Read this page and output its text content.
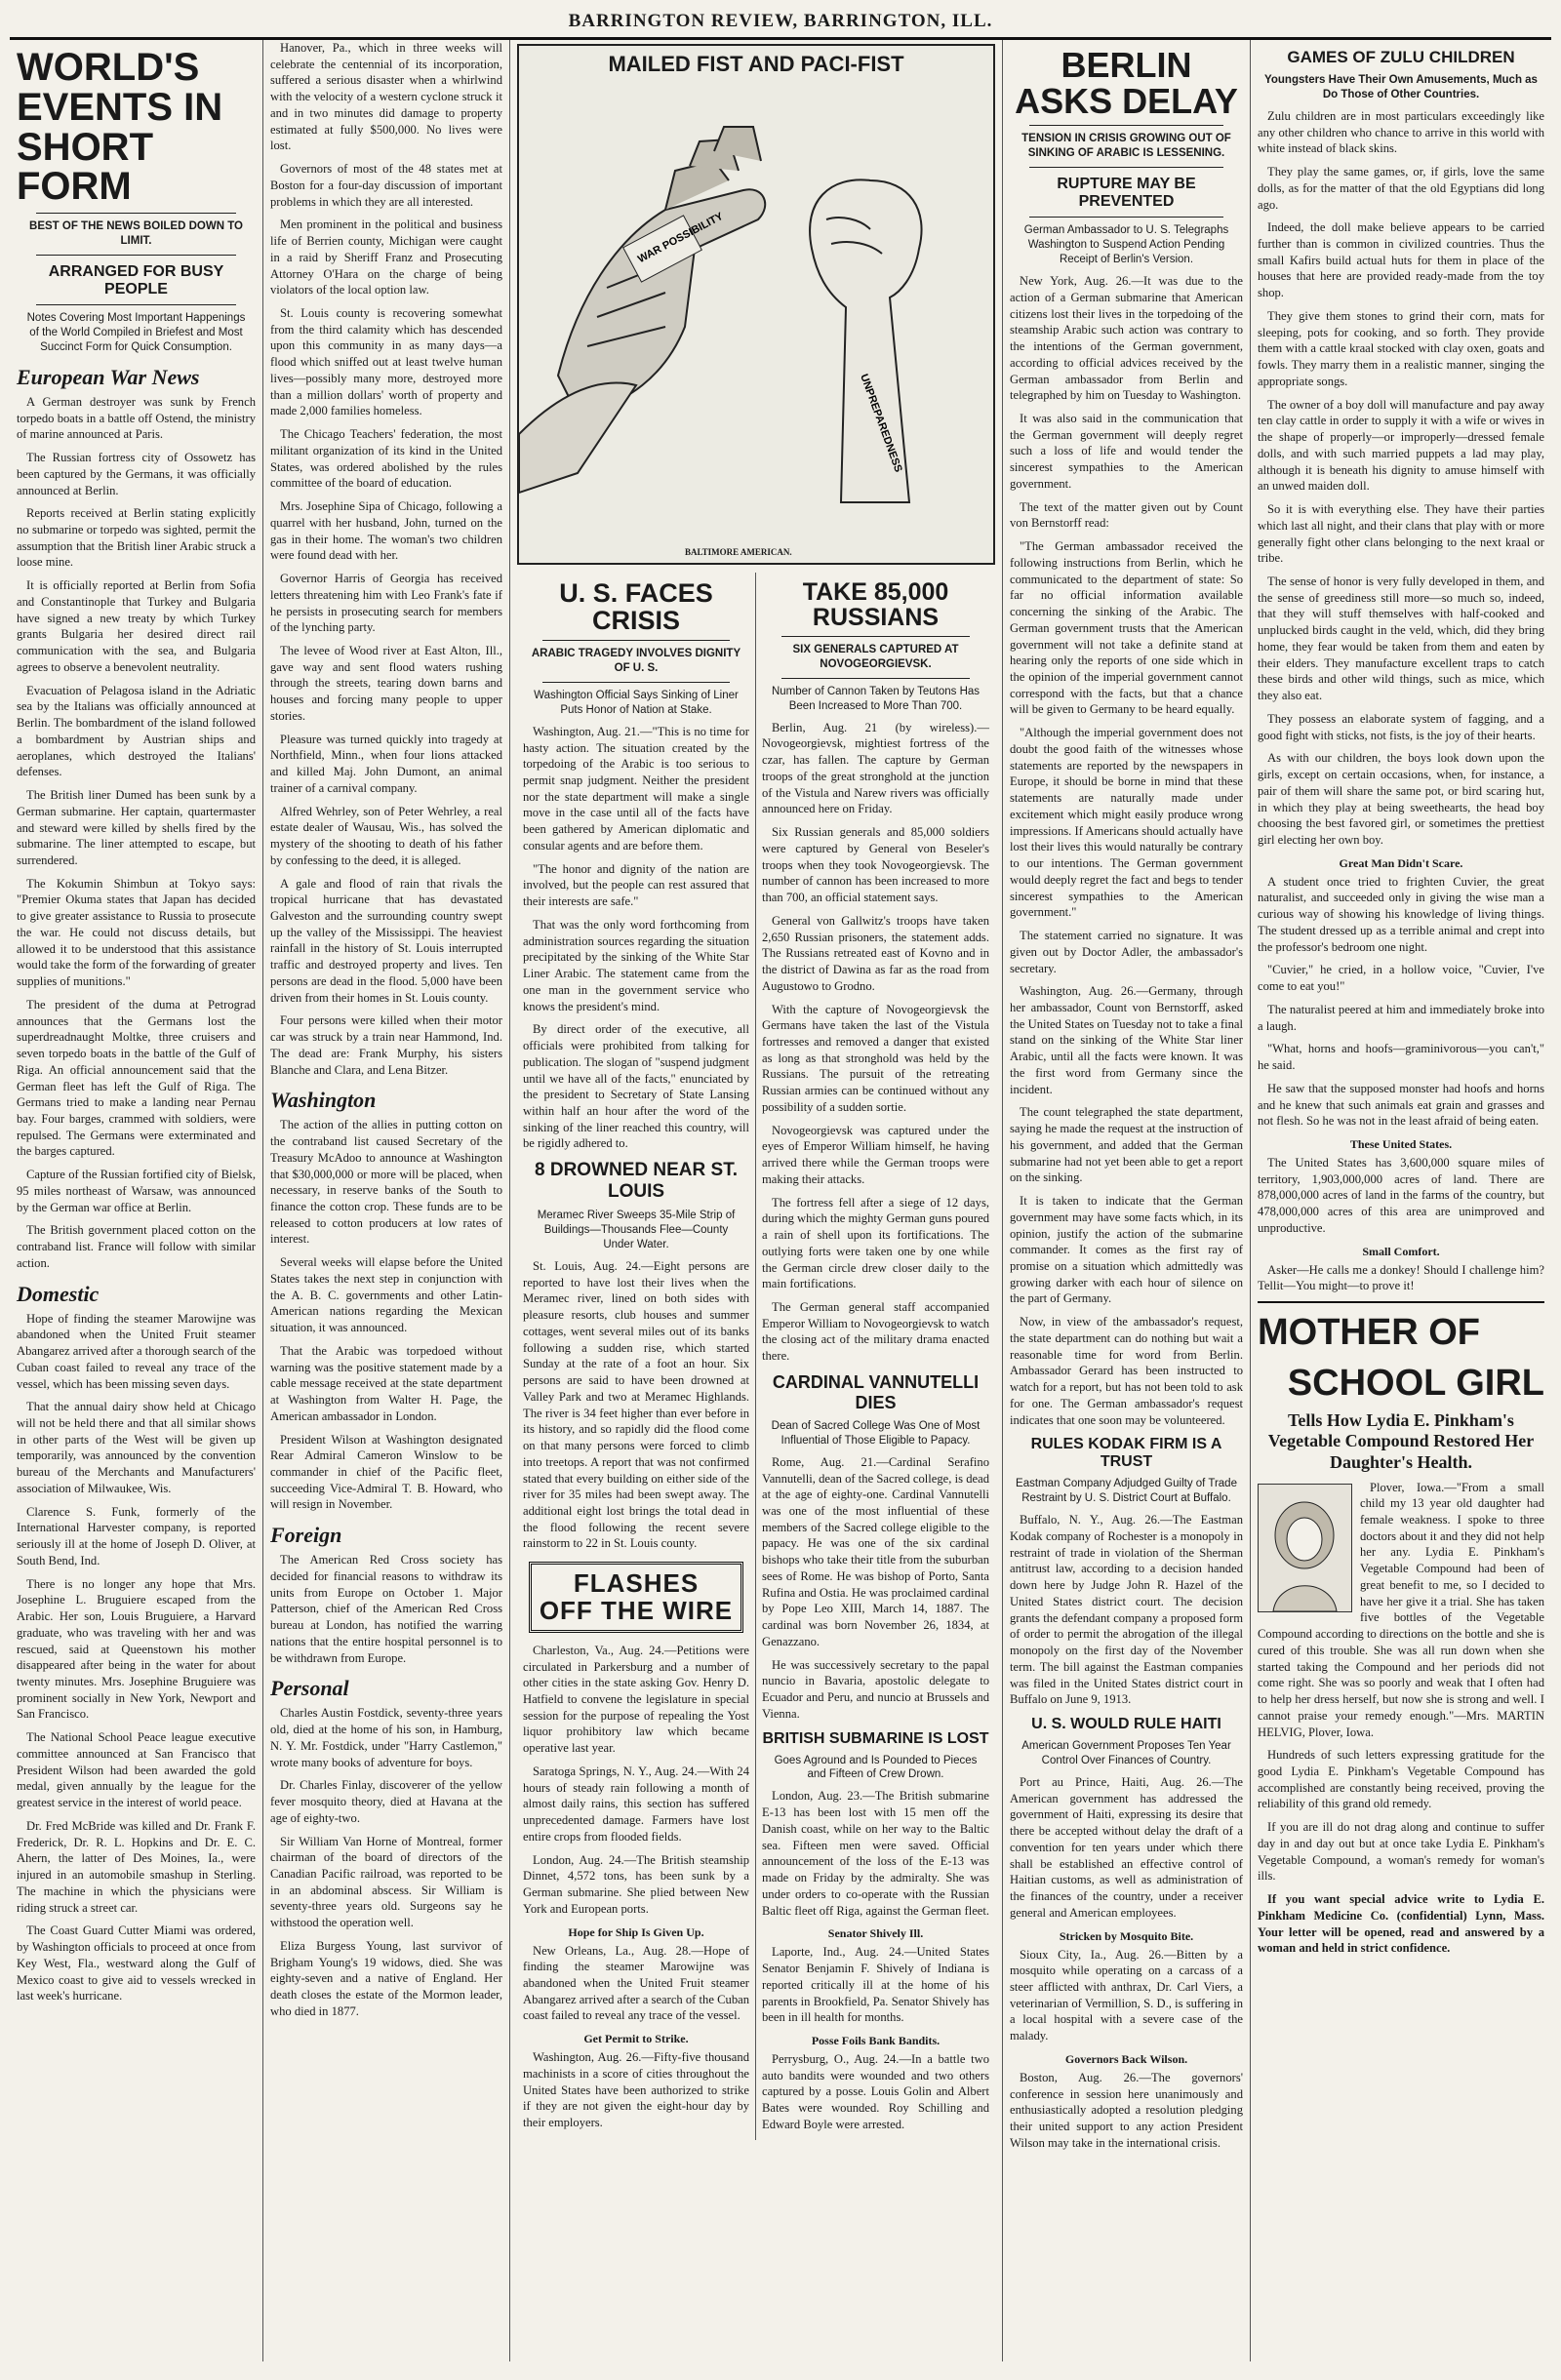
BARRINGTON REVIEW, BARRINGTON, ILL.
WORLD'S EVENTS IN SHORT FORM
BEST OF THE NEWS BOILED DOWN TO LIMIT.
ARRANGED FOR BUSY PEOPLE
Notes Covering Most Important Happenings of the World Compiled in Briefest and Most Succinct Form for Quick Consumption.
European War News

A German destroyer was sunk by French torpedo boats in a battle off Ostend, the ministry of marine announced at Paris.

The Russian fortress city of Ossowetz has been captured by the Germans, it was officially announced at Berlin.

Reports received at Berlin stating explicitly no submarine or torpedo was sighted, permit the assumption that the British liner Arabic struck a loose mine.

It is officially reported at Berlin from Sofia and Constantinople that Turkey and Bulgaria have signed a new treaty by which Turkey grants Bulgaria her desired direct rail communication with the sea, and Bulgaria agrees to observe a benevolent neutrality.

Evacuation of Pelagosa island in the Adriatic sea by the Italians was officially announced at Berlin. The bombardment of the island followed a bombardment by Austrian ships and aeroplanes, which destroyed the Italians' defenses.

The British liner Dumed has been sunk by a German submarine. Her captain, quartermaster and steward were killed by shells fired by the submarine. The liner attempted to escape, but surrendered.

The Kokumin Shimbun at Tokyo says: "Premier Okuma states that Japan has decided to give greater assistance to Russia to prosecute the war. He could not discuss details, but allowed it to be understood that this assistance would take the form of the forwarding of greater supplies of munitions."

The president of the duma at Petrograd announces that the Germans lost the superdreadnaught Moltke, three cruisers and seven torpedo boats in the battle of the Gulf of Riga. An official announcement said that the German fleet has left the Gulf of Riga. The Germans tried to make a landing near Pernau bay. Four barges, crammed with soldiers, were repulsed. The Germans were exterminated and the barges captured.

Capture of the Russian fortified city of Bielsk, 95 miles northeast of Warsaw, was announced by the German war office at Berlin.

The British government placed cotton on the contraband list. France will follow with similar action.

Domestic

Hope of finding the steamer Marowijne was abandoned when the United Fruit steamer Abangarez arrived after a thorough search of the Cuban coast failed to reveal any trace of the vessel, which has been missing seven days.

That the annual dairy show held at Chicago will not be held there and that all similar shows in other parts of the West will be given up temporarily, was announced by the convention bureau of the Merchants and Manufacturers' association of Milwaukee, Wis.

Clarence S. Funk, formerly of the International Harvester company, is reported seriously ill at the home of Joseph D. Oliver, at South Bend, Ind.

There is no longer any hope that Mrs. Josephine L. Bruguiere escaped from the Arabic. Her son, Louis Bruguiere, a Harvard graduate, who was traveling with her and was rescued, said at Queenstown his mother disappeared after being in the water for about twenty minutes. Mrs. Josephine Bruguiere was prominent socially in New York, Newport and San Francisco.

The National School Peace league executive committee announced at San Francisco that President Wilson had been awarded the gold medal, given annually by the league for the greatest service in the interest of world peace.

Dr. Fred McBride was killed and Dr. Frank F. Frederick, Dr. R. L. Hopkins and Dr. E. C. Ahern, the latter of Des Moines, Ia., were injured in an automobile smashup in Sterling. The machine in which the physicians were riding struck a street car.

The Coast Guard Cutter Miami was ordered, by Washington officials to proceed at once from Key West, Fla., westward along the Gulf of Mexico coast to give aid to vessels wrecked in last week's hurricane.

Hanover, Pa., which in three weeks will celebrate the centennial of its incorporation, suffered a serious disaster when a whirlwind with the velocity of a western cyclone struck it and in two minutes did damage to property estimated at fully $500,000. No lives were lost.

Governors of most of the 48 states met at Boston for a four-day discussion of important problems in which they are all interested.

Men prominent in the political and business life of Berrien county, Michigan were caught in a raid by Sheriff Franz and Prosecuting Attorney O'Hara on the charge of being violators of the local option law.

St. Louis county is recovering somewhat from the third calamity which has descended upon this community in as many days—a flood which sniffed out at least twelve human lives—possibly many more, destroyed more than a million dollars' worth of property and made 2,000 families homeless.

The Chicago Teachers' federation, the most militant organization of its kind in the United States, was ordered abolished by the rules committee of the board of education.

Mrs. Josephine Sipa of Chicago, following a quarrel with her husband, John, turned on the gas in their home. The woman's two children were found dead with her.

Governor Harris of Georgia has received letters threatening him with Leo Frank's fate if he persists in prosecuting search for members of the lynching party.

The levee of Wood river at East Alton, Ill., gave way and sent flood waters rushing through the streets, tearing down barns and houses and forcing many people to upper stories.

Pleasure was turned quickly into tragedy at Northfield, Minn., when four lions attacked and killed Maj. John Dumont, an animal trainer of a carnival company.

Alfred Wehrley, son of Peter Wehrley, a real estate dealer of Wausau, Wis., has solved the mystery of the shooting to death of his father by confessing to the deed, it is alleged.

A gale and flood of rain that rivals the tropical hurricane that has devastated Galveston and the surrounding country swept up the valley of the Mississippi. The heaviest rainfall in the history of St. Louis interrupted traffic and destroyed property and lives. Ten persons are dead in the flood. 5,000 have been driven from their homes in St. Louis county.

Four persons were killed when their motor car was struck by a train near Hammond, Ind. The dead are: Frank Murphy, his sisters Blanche and Clara, and Lena Bitzer.

Washington

The action of the allies in putting cotton on the contraband list caused Secretary of the Treasury McAdoo to announce at Washington that $30,000,000 or more will be placed, when necessary, in reserve banks of the South to finance the cotton crop. These funds are to be released to cotton producers at low rates of interest.

Several weeks will elapse before the United States takes the next step in conjunction with the A. B. C. governments and other Latin-American nations regarding the Mexican situation, it was announced.

That the Arabic was torpedoed without warning was the positive statement made by a cable message received at the state department at Washington from Walter H. Page, the American ambassador in London.

President Wilson at Washington designated Rear Admiral Cameron Winslow to be commander in chief of the Pacific fleet, succeeding Vice-Admiral T. B. Howard, who will resign in November.

Foreign

The American Red Cross society has decided for financial reasons to withdraw its units from Europe on October 1. Major Patterson, chief of the American Red Cross bureau at London, has notified the warring nations that the entire hospital personnel is to be withdrawn from Europe.

Personal

Charles Austin Fostdick, seventy-three years old, died at the home of his son, in Hamburg, N. Y. Mr. Fostdick, under "Harry Castlemon," wrote many books of adventure for boys.

Dr. Charles Finlay, discoverer of the yellow fever mosquito theory, died at Havana at the age of eighty-two.

Sir William Van Horne of Montreal, former chairman of the board of directors of the Canadian Pacific railroad, was reported to be in an abdominal abscess. Sir William is seventy-three years old. Surgeons say he withstood the operation well.

Eliza Burgess Young, last survivor of Brigham Young's 19 widows, died. She was eighty-seven and a native of England. Her death closes the estate of the Mormon leader, who died in 1877.

MAILED FIST AND PACI-FIST
WAR POSSIBILITY
UNPREPAREDNESS
BALTIMORE AMERICAN.
U. S. FACES CRISIS
ARABIC TRAGEDY INVOLVES DIGNITY OF U. S.
Washington Official Says Sinking of Liner Puts Honor of Nation at Stake.

Washington, Aug. 21.—"This is no time for hasty action. The situation created by the torpedoing of the Arabic is too serious to permit snap judgment. Neither the president nor the state department will make a single move in the case until all of the facts have been gathered by American diplomatic and consular agents and are before them.

"The honor and dignity of the nation are involved, but the people can rest assured that their interests are safe."

That was the only word forthcoming from administration sources regarding the situation precipitated by the sinking of the White Star Liner Arabic. The statement came from the one man in the government service who knows the president's mind.

By direct order of the executive, all officials were prohibited from talking for publication. The slogan of "suspend judgment until we have all of the facts," enunciated by the president to Secretary of State Lansing within half an hour after the word of the sinking of the liner reached this country, will be rigidly adhered to.

8 DROWNED NEAR ST. LOUIS
Meramec River Sweeps 35-Mile Strip of Buildings—Thousands Flee—County Under Water.

St. Louis, Aug. 24.—Eight persons are reported to have lost their lives when the Meramec river, lined on both sides with pleasure resorts, club houses and summer cottages, went several miles out of its banks following a sudden rise, which started Sunday at the rate of a foot an hour. Six persons are said to have been drowned at Valley Park and two at Meramec Highlands. The river is 34 feet higher than ever before in its history, and so rapidly did the flood come on that many persons were forced to climb into treetops. A report that was not confirmed stated that every building on either side of the river for 35 miles had been swept away. The additional eight lost brings the total dead in the flood following the recent severe rainstorm to 22 in St. Louis county.

FLASHES
OFF THE WIRE

Charleston, Va., Aug. 24.—Petitions were circulated in Parkersburg and a number of other cities in the state asking Gov. Henry D. Hatfield to convene the legislature in special session for the purpose of repealing the Yost liquor prohibitory law which became operative last year.

Saratoga Springs, N. Y., Aug. 24.—With 24 hours of steady rain following a month of almost daily rains, this section has suffered unprecedented damage. Farmers have lost entire crops from flooded fields.

London, Aug. 24.—The British steamship Dinnet, 4,572 tons, has been sunk by a German submarine. She plied between New York and European ports.

Hope for Ship Is Given Up.

New Orleans, La., Aug. 28.—Hope of finding the steamer Marowijne was abandoned when the United Fruit steamer Abangarez arrived after a search of the Cuban coast failed to reveal any trace of the vessel.

Get Permit to Strike.

Washington, Aug. 26.—Fifty-five thousand machinists in a score of cities throughout the United States have been authorized to strike if they are not given the eight-hour day by their employers.

TAKE 85,000 RUSSIANS
SIX GENERALS CAPTURED AT NOVOGEORGIEVSK.
Number of Cannon Taken by Teutons Has Been Increased to More Than 700.

Berlin, Aug. 21 (by wireless).—Novogeorgievsk, mightiest fortress of the czar, has fallen. The capture by German troops of the great stronghold at the junction of the Vistula and Narew rivers was officially announced here on Friday.

Six Russian generals and 85,000 soldiers were captured by General von Beseler's troops when they took Novogeorgievsk. The number of cannon has been increased to more than 700, an official statement says.

General von Gallwitz's troops have taken 2,650 Russian prisoners, the statement adds. The Russians retreated east of Kovno and in the district of Dawina as far as the road from Augustowo to Grodno.

With the capture of Novogeorgievsk the Germans have taken the last of the Vistula fortresses and removed a danger that existed as long as that stronghold was held by the Russians. The pursuit of the retreating Russian armies can be continued without any possibility of a sudden sortie.

Novogeorgievsk was captured under the eyes of Emperor William himself, he having arrived there while the German troops were making their attacks.

The fortress fell after a siege of 12 days, during which the mighty German guns poured a rain of shell upon its fortifications. The outlying forts were taken one by one while the German circle drew closer daily to the main fortifications.

The German general staff accompanied Emperor William to Novogeorgievsk to watch the closing act of the military drama enacted there.

CARDINAL VANNUTELLI DIES
Dean of Sacred College Was One of Most Influential of Those Eligible to Papacy.

Rome, Aug. 21.—Cardinal Serafino Vannutelli, dean of the Sacred college, is dead at the age of eighty-one. Cardinal Vannutelli was one of the most influential of these members of the Sacred college eligible to the papacy. He was one of the six cardinal bishops who take their title from the suburban sees of Rome. He was bishop of Porto, Santa Rufina and Ostia. He was proclaimed cardinal by Pope Leo XIII, March 14, 1887. The cardinal was born November 26, 1834, at Genazzano.

He was successively secretary to the papal nuncio in Bavaria, apostolic delegate to Ecuador and Peru, and nuncio at Brussels and Vienna.

BRITISH SUBMARINE IS LOST
Goes Aground and Is Pounded to Pieces and Fifteen of Crew Drown.

London, Aug. 23.—The British submarine E-13 has been lost with 15 men off the Danish coast, while on her way to the Baltic sea. Fifteen men were saved. Official announcement of the loss of the E-13 was made on Friday by the admiralty. She was under orders to co-operate with the Russian Baltic fleet off Riga, against the German fleet.

Senator Shively Ill.

Laporte, Ind., Aug. 24.—United States Senator Benjamin F. Shively of Indiana is reported critically ill at the home of his parents in Brookfield, Pa. Senator Shively has been in ill health for months.

Posse Foils Bank Bandits.

Perrysburg, O., Aug. 24.—In a battle two auto bandits were wounded and two others captured by a posse. Louis Golin and Albert Bates were wounded. Roy Schilling and Edward Boyle were arrested.

BERLIN ASKS DELAY
TENSION IN CRISIS GROWING OUT OF SINKING OF ARABIC IS LESSENING.
RUPTURE MAY BE PREVENTED
German Ambassador to U. S. Telegraphs Washington to Suspend Action Pending Receipt of Berlin's Version.

New York, Aug. 26.—It was due to the action of a German submarine that American citizens lost their lives in the torpedoing of the steamship Arabic such action was contrary to the intentions of the German government, according to official advices received by the German ambassador from Berlin and telegraphed by him on Tuesday to Washington.

It was also said in the communication that the German government will deeply regret such a loss of life and would tender the sincerest sympathies to the American government.

The text of the matter given out by Count von Bernstorff read:

"The German ambassador received the following instructions from Berlin, which he communicated to the department of state: So far no official information available concerning the sinking of the Arabic. The German government trusts that the American government will not take a definite stand at hearing only the reports of one side which in the opinion of the imperial government cannot correspond with the facts, but that a chance will be given to Germany to be heard equally.

"Although the imperial government does not doubt the good faith of the witnesses whose statements are reported by the newspapers in Europe, it should be borne in mind that these statements are naturally made under excitement which might easily produce wrong impressions. If Americans should actually have lost their lives this would naturally be contrary to our intentions. The German government would deeply regret the fact and begs to tender sincerest sympathies to the American government."

The statement carried no signature. It was given out by Doctor Adler, the ambassador's secretary.

Washington, Aug. 26.—Germany, through her ambassador, Count von Bernstorff, asked the United States on Tuesday not to take a final stand on the sinking of the White Star liner Arabic, until all the facts were known. It was the first word from Germany since the incident.

The count telegraphed the state department, saying he made the request at the instruction of his government, and added that the German submarine had not yet been able to get a report on the sinking.

It is taken to indicate that the German government may have some facts which, in its opinion, justify the action of the submarine commander. It comes as the first ray of promise on a situation which admittedly was growing darker with each hour of silence on the part of Germany.

Now, in view of the ambassador's request, the state department can do nothing but wait a reasonable time for word from Berlin. Ambassador Gerard has been instructed to watch for a report, but has not been told to ask for one. The German ambassador's request indicates that one soon may be volunteered.

RULES KODAK FIRM IS A TRUST
Eastman Company Adjudged Guilty of Trade Restraint by U. S. District Court at Buffalo.

Buffalo, N. Y., Aug. 26.—The Eastman Kodak company of Rochester is a monopoly in restraint of trade in violation of the Sherman antitrust law, according to a decision handed down here by Judge John R. Hazel of the United States district court. The decision grants the defendant company a proposed form of order to permit the abrogation of the illegal monopoly on the first day of the November term. The bill against the Eastman companies was filed in the United States district court in Buffalo on June 9, 1913.

U. S. WOULD RULE HAITI
American Government Proposes Ten Year Control Over Finances of Country.

Port au Prince, Haiti, Aug. 26.—The American government has addressed the government of Haiti, expressing its desire that there be accepted without delay the draft of a convention for ten years under which there shall be established an effective control of Haitian customs, as well as administration of the finances of the country, under a receiver general and American employees.

Stricken by Mosquito Bite.

Sioux City, Ia., Aug. 26.—Bitten by a mosquito while operating on a carcass of a steer afflicted with anthrax, Dr. Carl Viers, a veterinarian of Vermillion, S. D., is suffering in a local hospital with a severe case of the malady.

Governors Back Wilson.

Boston, Aug. 26.—The governors' conference in session here unanimously and enthusiastically adopted a resolution pledging their united support to any action President Wilson may take in the international crisis.

GAMES OF ZULU CHILDREN
Youngsters Have Their Own Amusements, Much as Do Those of Other Countries.

Zulu children are in most particulars exceedingly like any other children who chance to arrive in this world with white instead of black skins.

They play the same games, or, if girls, love the same dolls, as for the matter of that the old Egyptians did long ago.

Indeed, the doll make believe appears to be carried further than is common in civilized countries. Thus the small Kafirs build actual huts for them in place of the houses that here are provided ready-made from the toy shop.

They give them stones to grind their corn, mats for sleeping, pots for cooking, and so forth. They provide them with a cattle kraal stocked with clay oxen, goats and fowls. They marry them in a realistic manner, singing the appropriate songs.

The owner of a boy doll will manufacture and pay away ten clay cattle in order to supply it with a wife or wives in the shape of properly—or improperly—dressed female dolls, and with such married puppets a lad may play, although it is beneath his dignity to amuse himself with an unwed maiden doll.

So it is with everything else. They have their parties which last all night, and their clans that play with or more generally fight other clans belonging to the next kraal or tribe.

The sense of honor is very fully developed in them, and the sense of greediness still more—so much so, indeed, that they will stuff themselves with half-cooked and unplucked birds caught in the veld, which, did they bring home, they fear would be taken from them and eaten by their elders. They manufacture excellent traps to catch these birds and other wild things, such as mice, which they also eat.

They possess an elaborate system of fagging, and a good fight with sticks, not fists, is the joy of their hearts.

As with our children, the boys look down upon the girls, except on certain occasions, when, for instance, a pair of them will share the same pot, or bird scaring hut, in which they play at being sweethearts, the head boy choosing the best favored girl, or sometimes the prettiest girl electing her own boy.

Great Man Didn't Scare.

A student once tried to frighten Cuvier, the great naturalist, and succeeded only in giving the wise man a curious way of showing his knowledge of living things. The student dressed up as a terrible animal and crept into the professor's bedroom one night.

"Cuvier," he cried, in a hollow voice, "Cuvier, I've come to eat you!"

The naturalist peered at him and immediately broke into a laugh.

"What, horns and hoofs—graminivorous—you can't," he said.

He saw that the supposed monster had hoofs and horns and he knew that such animals eat grain and grasses and not flesh. So he was not in the least afraid of being eaten.

These United States.

The United States has 3,600,000 square miles of territory, 1,903,000,000 acres of land. There are 878,000,000 acres of land in the farms of the country, but 478,000,000 acres of this area are unimproved and unproductive.

Small Comfort.

Asker—He calls me a donkey! Should I challenge him? Tellit—You might—to prove it!

MOTHER OF
SCHOOL GIRL
Tells How Lydia E. Pinkham's Vegetable Compound Restored Her Daughter's Health.

Plover, Iowa.—"From a small child my 13 year old daughter had female weakness. I spoke to three doctors about it and they did not help her any. Lydia E. Pinkham's Vegetable Compound had been of great benefit to me, so I decided to have her give it a trial. She has taken five bottles of the Vegetable Compound according to directions on the bottle and she is cured of this trouble. She was all run down when she started taking the Compound and her periods did not come right. She was so poorly and weak that I often had to help her dress herself, but now she is strong and well. I cannot praise your remedy enough."—Mrs. MARTIN HELVIG, Plover, Iowa.

Hundreds of such letters expressing gratitude for the good Lydia E. Pinkham's Vegetable Compound has accomplished are constantly being received, proving the reliability of this grand old remedy.

If you are ill do not drag along and continue to suffer day in and day out but at once take Lydia E. Pinkham's Vegetable Compound, a woman's remedy for woman's ills.

If you want special advice write to Lydia E. Pinkham Medicine Co. (confidential) Lynn, Mass. Your letter will be opened, read and answered by a woman and held in strict confidence.
